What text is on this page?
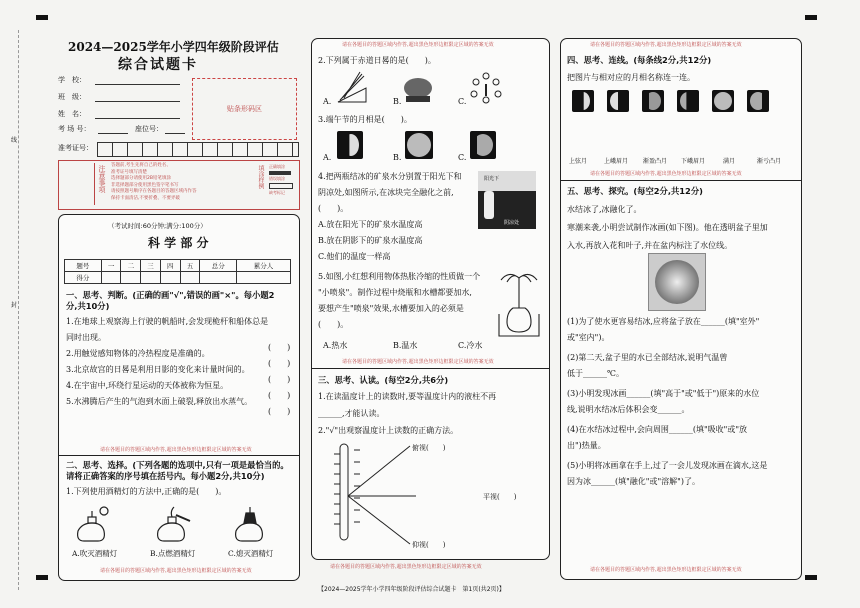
线
封
2024—2025学年小学四年级阶段评估
综合试题卡
学　校：
班　级：
姓　名：
考 场 号：	座位号：
准考证号：
贴条形码区
注意事项 答题前,考生先将自己的姓名、
准考证号填写清楚
选择题部分请使用2B铅笔填涂
非选择题部分使用黑色签字笔书写
请按照题号顺序在各题目的答题区域内作答
保持卡面清洁,不要折叠、不要弄破
填涂样例 正确填涂
错误填涂
缺考标记
（考试时间:60分钟;满分:100分）
科 学 部 分
题号	一	二	三	四	五	总分	累分人
得分							
一、思考、判断。(正确的画"√",错误的画"×"。每小题2
分,共10分)
1.在地球上观察海上行驶的帆船时,会发现桅杆和船体总是
同时出现。
2.用触觉感知物体的冷热程度是准确的。
3.北京故宫的日晷是利用日影的变化来计量时间的。
4.在宇宙中,环绕行星运动的天体被称为恒星。
5.水沸腾后产生的气泡到水面上破裂,释放出水蒸气。
(　　)
(　　)
(　　)
(　　)
(　　)
请在各题目的答题区域内作答,超出黑色矩形边框限定区域的答案无效
二、思考、选择。(下列各题的选项中,只有一项是最恰当的。
请将正确答案的序号填在括号内。每小题2分,共10分)
1.下列使用酒精灯的方法中,正确的是(　　)。
A.吹灭酒精灯	B.点燃酒精灯	C.熄灭酒精灯
请在各题目的答题区域内作答,超出黑色矩形边框限定区域的答案无效
请在各题目的答题区域内作答,超出黑色矩形边框限定区域的答案无效
2.下列属于赤道日晷的是(　　)。
A.	B.	C.
3.端午节的月相是(　　)。
A.	B.	C.
4.把两瓶结冰的矿泉水分别置于阳光下和
阴凉处,如图所示,在冰块完全融化之前,
(　　)。
A.放在阳光下的矿泉水温度高
B.放在阴影下的矿泉水温度高
C.他们的温度一样高
阳光下
阴凉处
5.如图,小红想利用物体热胀冷缩的性质做一个
"小喷泉"。制作过程中烧瓶和水槽都要加水,
要想产生"喷泉"效果,水槽要加入的必须是
(　　)。
A.热水	B.温水	C.冷水
请在各题目的答题区域内作答,超出黑色矩形边框限定区域的答案无效
三、思考、认读。(每空2分,共6分)
1.在读温度计上的读数时,要等温度计内的液柱不再
______,才能认读。
2."√"出观察温度计上读数的正确方法。
俯视(　　)
平视(　　)
仰视(　　)
请在各题目的答题区域内作答,超出黑色矩形边框限定区域的答案无效
请在各题目的答题区域内作答,超出黑色矩形边框限定区域的答案无效
四、思考、连线。(每条线2分,共12分)
把图片与相对应的月相名称连一连。
上弦月	上峨眉月 渐盈凸月 下峨眉月	满月	渐亏凸月
请在各题目的答题区域内作答,超出黑色矩形边框限定区域的答案无效
五、思考、探究。(每空2分,共12分)
水结冰了,冰融化了。
寒潮来袭,小明尝试制作冰画(如下图)。他在透明盆子里加
入水,再放入花和叶子,并在盆内标注了水位线。
(1)为了使水更容易结冰,应将盆子放在______(填"室外"
或"室内")。
(2)第二天,盆子里的水已全部结冰,说明气温曾
低于______℃。
(3)小明发现冰画______(填"高于"或"低于")原来的水位
线,说明水结冰后体积会变______。
(4)在水结冰过程中,会向周围______(填"吸收"或"放
出")热量。
(5)小明将冰画拿在手上,过了一会儿发现冰画在滴水,这是
因为冰______(填"融化"或"溶解")了。
请在各题目的答题区域内作答,超出黑色矩形边框限定区域的答案无效
【2024—2025学年小学四年级阶段评估综合试题卡　第1页(共2页)】
